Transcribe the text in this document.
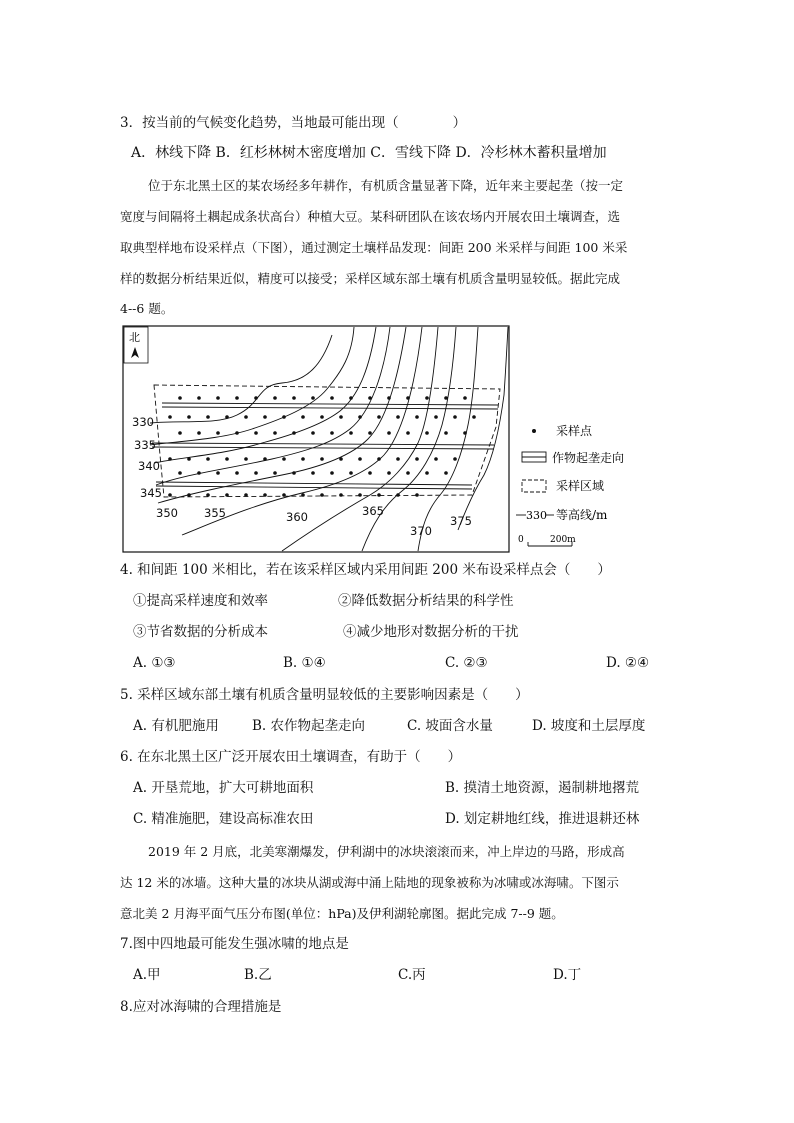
3．按当前的气候变化趋势，当地最可能出现（　　　　）
A．林线下降 B．红杉林树木密度增加 C．雪线下降 D．冷杉林木蓄积量增加
位于东北黑土区的某农场经多年耕作，有机质含量显著下降，近年来主要起垄（按一定
宽度与间隔将土耦起成条状高台）种植大豆。某科研团队在该农场内开展农田土壤调查，选
取典型样地布设采样点（下图），通过测定土壤样品发现：间距 200 米采样与间距 100 米采
样的数据分析结果近似，精度可以接受；采样区域东部土壤有机质含量明显较低。据此完成
4--6 题。
北
330
335
340
345
350 355	360	365
370
375
采样点
作物起垄走向
采样区域
330 等高线/m
0	200m
4. 和间距 100 米相比，若在该采样区域内采用间距 200 米布设采样点会（　　）
①提高采样速度和效率	②降低数据分析结果的科学性
③节省数据的分析成本	④减少地形对数据分析的干扰
A. ①③	B. ①④	C. ②③	D. ②④
5. 采样区域东部土壤有机质含量明显较低的主要影响因素是（　　）
A. 有机肥施用 B. 农作物起垄走向	C. 坡面含水量	D. 坡度和土层厚度
6. 在东北黑土区广泛开展农田土壤调查，有助于（　　）
A. 开垦荒地，扩大可耕地面积	B. 摸清土地资源，遏制耕地撂荒
C. 精准施肥，建设高标准农田	D. 划定耕地红线，推进退耕还林
2019 年 2 月底，北美寒潮爆发，伊利湖中的冰块滚滚而来，冲上岸边的马路，形成高
达 12 米的冰墙。这种大量的冰块从湖或海中涌上陆地的现象被称为冰啸或冰海啸。下图示
意北美 2 月海平面气压分布图(单位：hPa)及伊利湖轮廓图。据此完成 7--9 题。
7.图中四地最可能发生强冰啸的地点是
A.甲	B.乙	C.丙	D.丁
8.应对冰海啸的合理措施是
